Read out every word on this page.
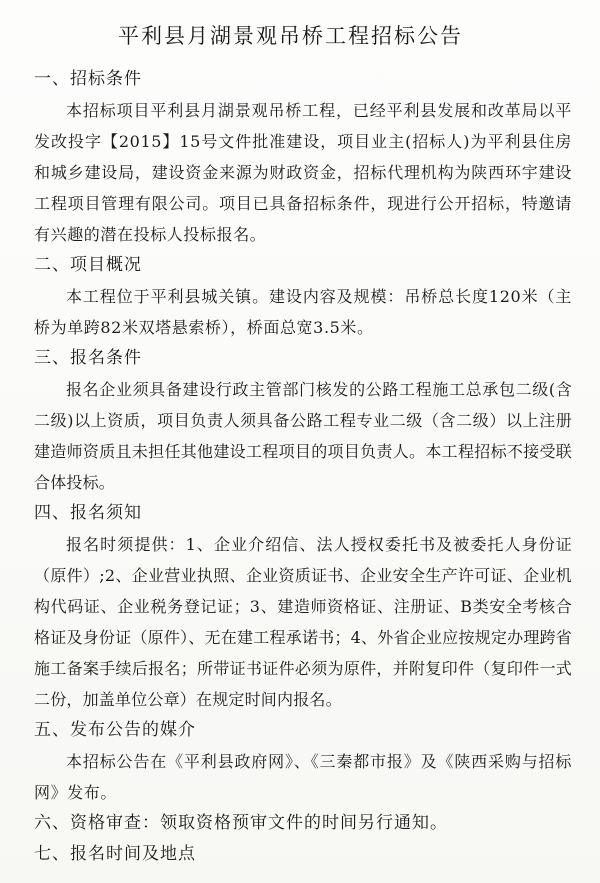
平利县月湖景观吊桥工程招标公告

一、招标条件

本招标项目平利县月湖景观吊桥工程，已经平利县发展和改革局以平发改投字【2015】15号文件批准建设，项目业主(招标人)为平利县住房和城乡建设局，建设资金来源为财政资金，招标代理机构为陕西环宇建设工程项目管理有限公司。项目已具备招标条件，现进行公开招标，特邀请有兴趣的潜在投标人投标报名。

二、项目概况

本工程位于平利县城关镇。建设内容及规模：吊桥总长度120米（主桥为单跨82米双塔悬索桥），桥面总宽3.5米。

三、报名条件

报名企业须具备建设行政主管部门核发的公路工程施工总承包二级(含二级)以上资质，项目负责人须具备公路工程专业二级（含二级）以上注册建造师资质且未担任其他建设工程项目的项目负责人。本工程招标不接受联合体投标。

四、报名须知

报名时须提供：1、企业介绍信、法人授权委托书及被委托人身份证（原件）;2、企业营业执照、企业资质证书、企业安全生产许可证、企业机构代码证、企业税务登记证；3、建造师资格证、注册证、B类安全考核合格证及身份证（原件）、无在建工程承诺书；4、外省企业应按规定办理跨省施工备案手续后报名；所带证书证件必须为原件，并附复印件（复印件一式二份，加盖单位公章）在规定时间内报名。

五、发布公告的媒介

本招标公告在《平利县政府网》、《三秦都市报》及《陕西采购与招标网》发布。

六、资格审查：领取资格预审文件的时间另行通知。

七、报名时间及地点
